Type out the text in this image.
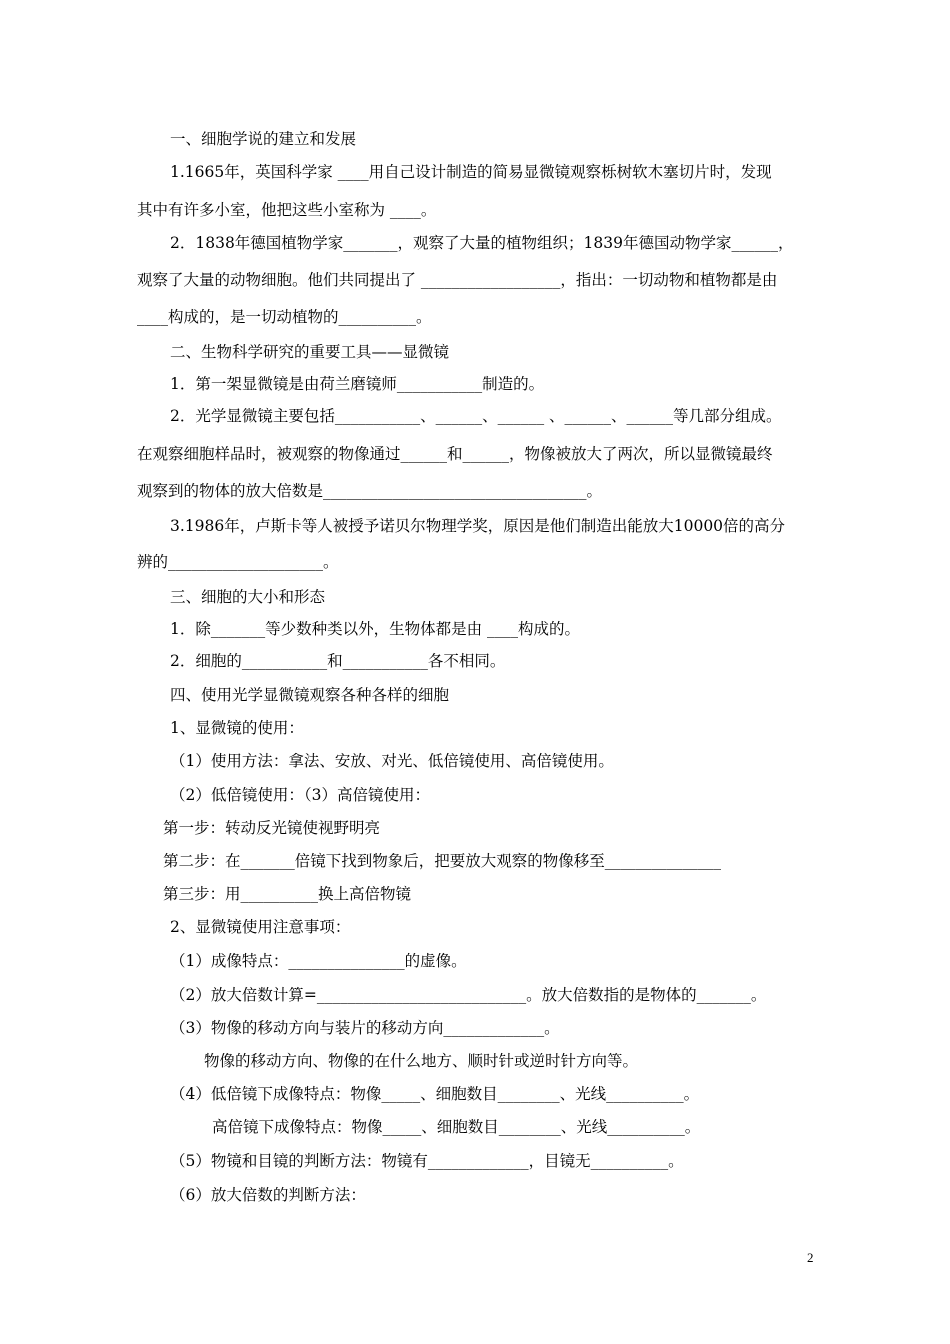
一、细胞学说的建立和发展
1.1665年，英国科学家 ____用自己设计制造的简易显微镜观察栎树软木塞切片时，发现
其中有许多小室，他把这些小室称为 ____。
2．1838年德国植物学家_______，观察了大量的植物组织；1839年德国动物学家______，
观察了大量的动物细胞。他们共同提出了 __________________，指出：一切动物和植物都是由
____构成的，是一切动植物的__________。
二、生物科学研究的重要工具——显微镜
1．第一架显微镜是由荷兰磨镜师___________制造的。
2．光学显微镜主要包括___________、______、______ 、______、______等几部分组成。
在观察细胞样品时，被观察的物像通过______和______，物像被放大了两次，所以显微镜最终
观察到的物体的放大倍数是__________________________________。
3.1986年，卢斯卡等人被授予诺贝尔物理学奖，原因是他们制造出能放大10000倍的高分
辨的____________________。
三、细胞的大小和形态
1．除_______等少数种类以外，生物体都是由 ____构成的。
2．细胞的___________和___________各不相同。
四、使用光学显微镜观察各种各样的细胞
1、显微镜的使用：
（1）使用方法：拿法、安放、对光、低倍镜使用、高倍镜使用。
（2）低倍镜使用：（3）高倍镜使用：
第一步：转动反光镜使视野明亮
第二步：在_______倍镜下找到物象后，把要放大观察的物像移至_______________
第三步：用__________换上高倍物镜
2、显微镜使用注意事项：
（1）成像特点：_______________的虚像。
（2）放大倍数计算=___________________________。放大倍数指的是物体的_______。
（3）物像的移动方向与装片的移动方向_____________。
物像的移动方向、物像的在什么地方、顺时针或逆时针方向等。
（4）低倍镜下成像特点：物像_____、细胞数目________、光线__________。
高倍镜下成像特点：物像_____、细胞数目________、光线__________。
（5）物镜和目镜的判断方法：物镜有_____________，目镜无__________。
（6）放大倍数的判断方法：
2
